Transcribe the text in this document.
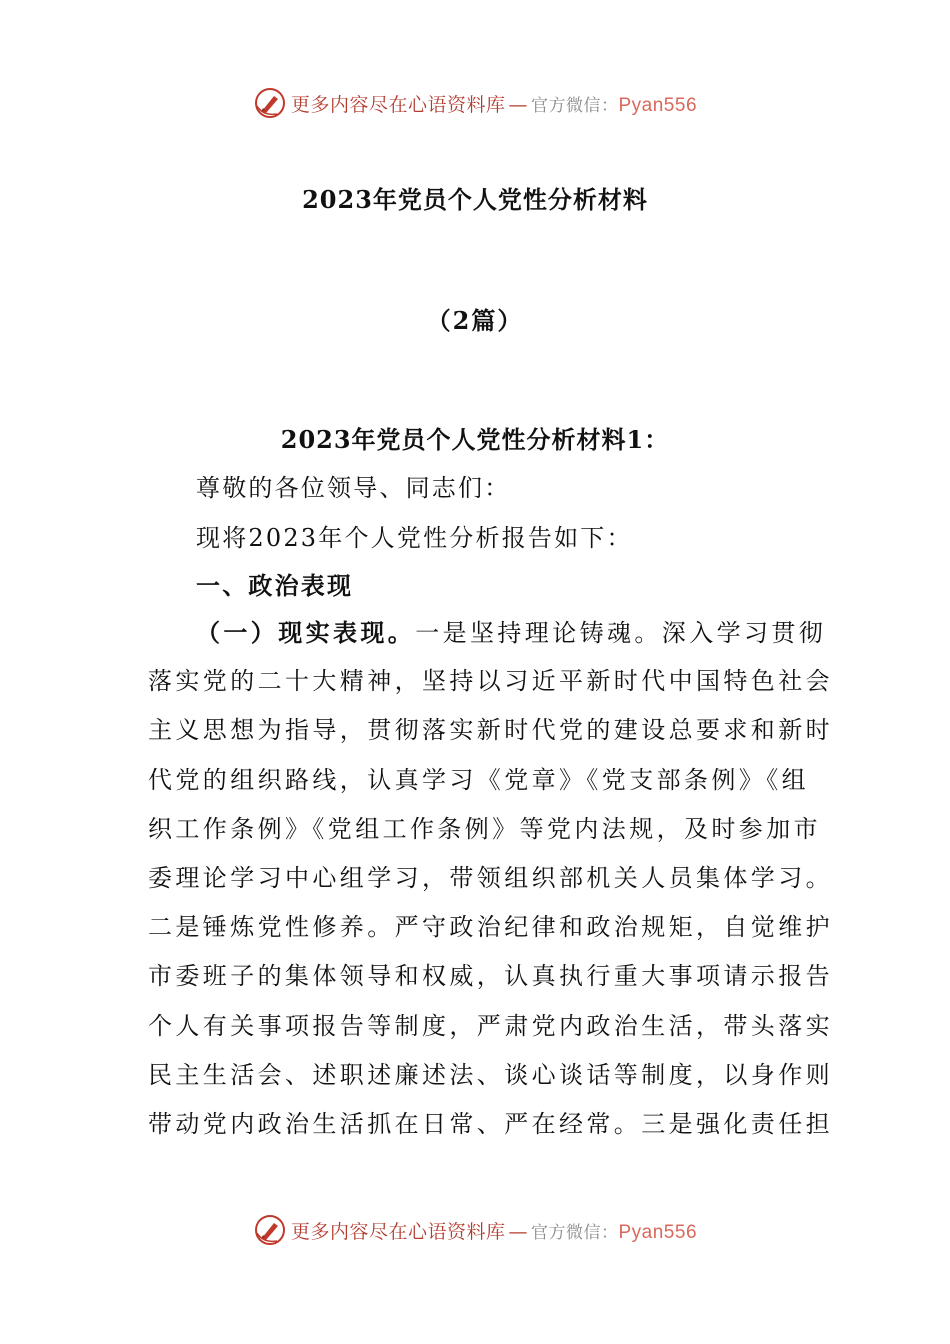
更多内容尽在心语资料库 — 官方微信：Pyan556
2023年党员个人党性分析材料
（2篇）
2023年党员个人党性分析材料1：
尊敬的各位领导、同志们：
现将2023年个人党性分析报告如下：
一、政治表现
（一）现实表现。一是坚持理论铸魂。深入学习贯彻
落实党的二十大精神，坚持以习近平新时代中国特色社会
主义思想为指导，贯彻落实新时代党的建设总要求和新时
代党的组织路线，认真学习《党章》《党支部条例》《组
织工作条例》《党组工作条例》等党内法规，及时参加市
委理论学习中心组学习，带领组织部机关人员集体学习。
二是锤炼党性修养。严守政治纪律和政治规矩，自觉维护
市委班子的集体领导和权威，认真执行重大事项请示报告
个人有关事项报告等制度，严肃党内政治生活，带头落实
民主生活会、述职述廉述法、谈心谈话等制度，以身作则
带动党内政治生活抓在日常、严在经常。三是强化责任担
更多内容尽在心语资料库 — 官方微信：Pyan556
